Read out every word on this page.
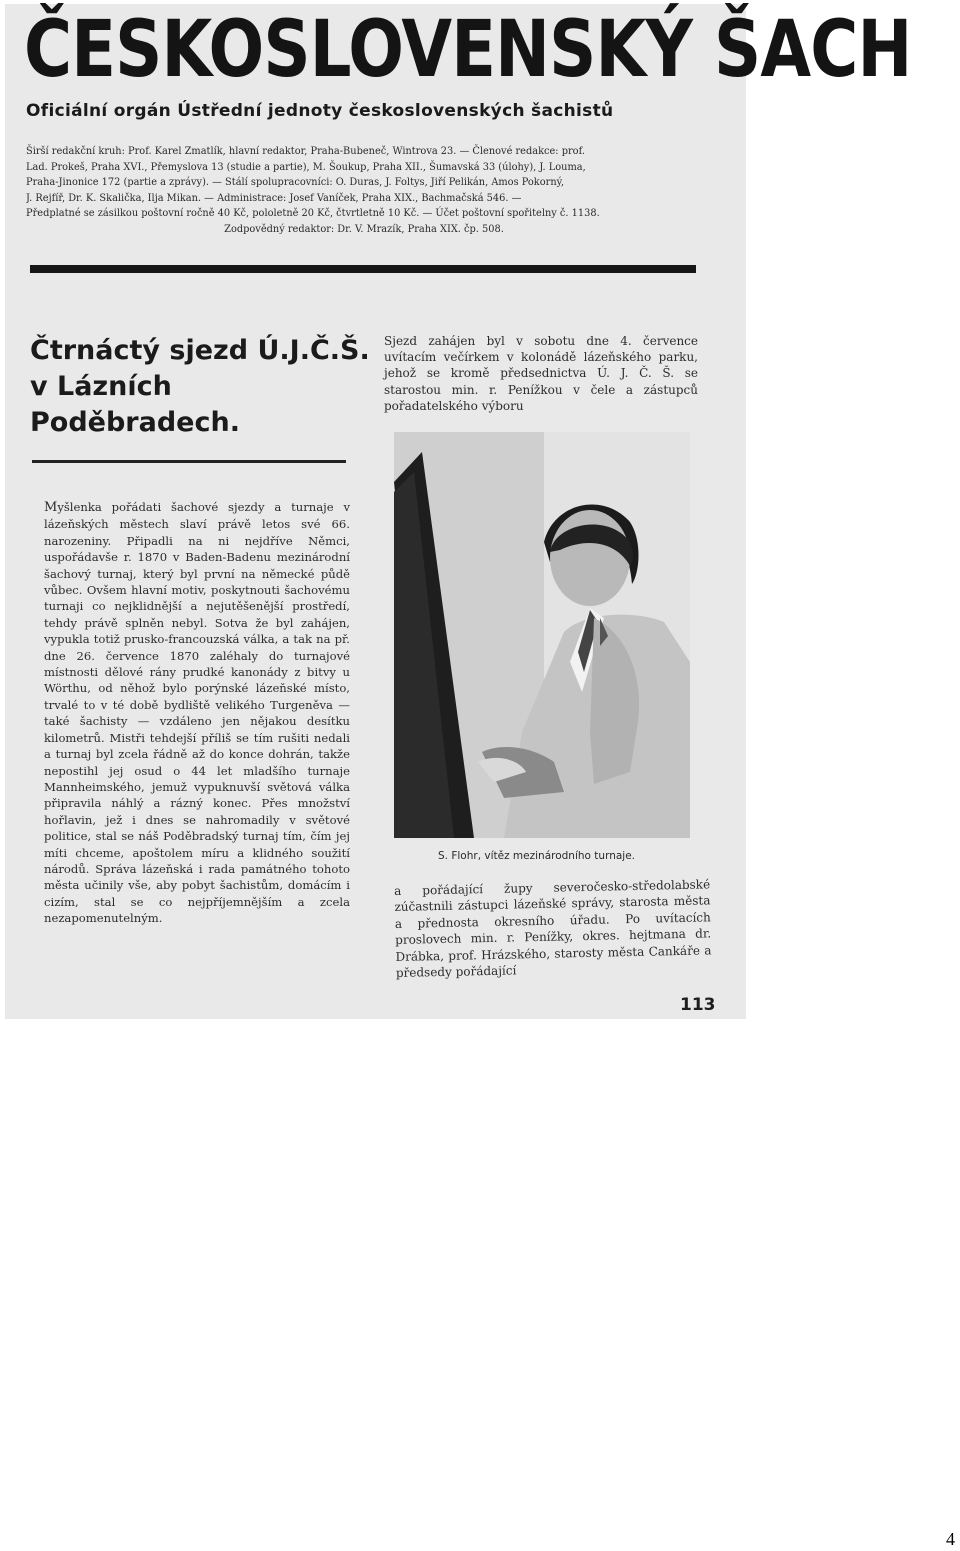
ČESKOSLOVENSKÝ ŠACH
Oficiální orgán Ústřední jednoty československých šachistů

Širší redakční kruh: Prof. Karel Zmatlík, hlavní redaktor, Praha-Bubeneč, Wintrova 23. — Členové redakce: prof.

Lad. Prokeš, Praha XVI., Přemyslova 13 (studie a partie), M. Šoukup, Praha XII., Šumavská 33 (úlohy), J. Louma,

Praha-Jinonice 172 (partie a zprávy). — Stálí spolupracovníci: O. Duras, J. Foltys, Jiří Pelikán, Amos Pokorný,

J. Rejfíř, Dr. K. Skalička, Ilja Mikan. — Administrace: Josef Vaníček, Praha XIX., Bachmačská 546. —

Předplatné se zásilkou poštovní ročně 40 Kč, pololetně 20 Kč, čtvrtletně 10 Kč. — Účet poštovní spořitelny č. 1138.

Zodpovědný redaktor: Dr. V. Mrazík, Praha XIX. čp. 508.

Čtrnáctý sjezd Ú.J.Č.Š.
v Lázních
Poděbradech.
Myšlenka pořádati šachové sjezdy a turnaje v lázeňských městech slaví právě letos své 66. narozeniny. Připadli na ni nejdříve Němci, uspořádavše r. 1870 v Baden-Badenu mezinárodní šachový turnaj, který byl první na německé půdě vůbec. Ovšem hlavní motiv, poskytnouti šachovému turnaji co nejklidnější a nejutěšenější prostředí, tehdy právě splněn nebyl. Sotva že byl zahájen, vypukla totiž prusko-francouzská válka, a tak na př. dne 26. července 1870 zaléhaly do turnajové místnosti dělové rány prudké kanonády z bitvy u Wörthu, od něhož bylo porýnské lázeňské místo, trvalé to v té době bydliště velikého Turgeněva — také šachisty — vzdáleno jen nějakou desítku kilometrů. Mistři tehdejší příliš se tím rušiti nedali a turnaj byl zcela řádně až do konce dohrán, takže nepostihl jej osud o 44 let mladšího turnaje Mannheimského, jemuž vypuknuvší světová válka připravila náhlý a rázný konec. Přes množství hořlavin, jež i dnes se nahromadily v světové politice, stal se náš Poděbradský turnaj tím, čím jej míti chceme, apoštolem míru a klidného soužití národů. Správa lázeňská i rada památného tohoto města učinily vše, aby pobyt šachistům, domácím i cizím, stal se co nejpříjemnějším a zcela nezapomenutelným.
Sjezd zahájen byl v sobotu dne 4. července uvítacím večírkem v kolonádě lázeňského parku, jehož se kromě předsednictva Ú. J. Č. Š. se starostou min. r. Penížkou v čele a zástupců pořadatelského výboru
S. Flohr, vítěz mezinárodního turnaje.
a pořádající župy severočesko-středolabské zúčastnili zástupci lázeňské správy, starosta města a přednosta okresního úřadu. Po uvítacích proslovech min. r. Penížky, okres. hejtmana dr. Drábka, prof. Hrázského, starosty města Cankáře a předsedy pořádající
113
4
